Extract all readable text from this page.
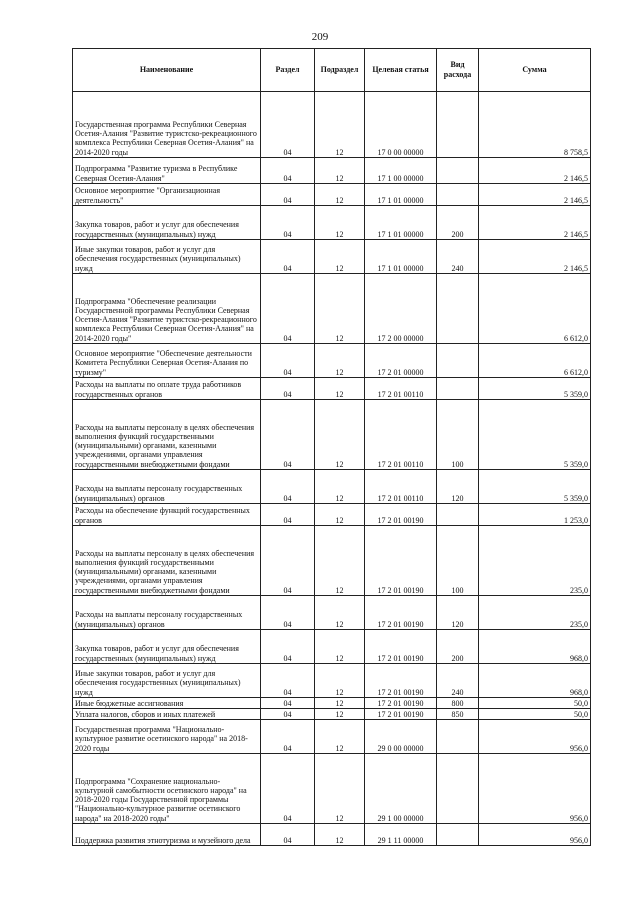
209
Наименование	Раздел	Подраздел	Целевая статья	Вид расхода	Сумма
Государственная программа Республики Северная Осетия-Алания "Развитие туристско-рекреационного комплекса Республики Северная Осетия-Алания" на 2014-2020 годы	04	12	17 0 00 00000		8 758,5
Подпрограмма "Развитие туризма в Республике Северная Осетия-Алания"	04	12	17 1 00 00000		2 146,5
Основное мероприятие "Организационная деятельность"	04	12	17 1 01 00000		2 146,5
Закупка товаров, работ и услуг для обеспечения государственных (муниципальных) нужд	04	12	17 1 01 00000	200	2 146,5
Иные закупки товаров, работ и услуг для обеспечения государственных (муниципальных) нужд	04	12	17 1 01 00000	240	2 146,5
Подпрограмма "Обеспечение реализации Государственной программы Республики Северная Осетия-Алания "Развитие туристско-рекреационного комплекса Республики Северная Осетия-Алания" на 2014-2020 годы"	04	12	17 2 00 00000		6 612,0
Основное мероприятие "Обеспечение деятельности Комитета Республики Северная Осетия-Алания по туризму"	04	12	17 2 01 00000		6 612,0
Расходы на выплаты по оплате труда работников государственных органов	04	12	17 2 01 00110		5 359,0
Расходы на выплаты персоналу в целях обеспечения выполнения функций государственными (муниципальными) органами, казенными учреждениями, органами управления государственными внебюджетными фондами	04	12	17 2 01 00110	100	5 359,0
Расходы на выплаты персоналу государственных (муниципальных) органов	04	12	17 2 01 00110	120	5 359,0
Расходы на обеспечение функций государственных органов	04	12	17 2 01 00190		1 253,0
Расходы на выплаты персоналу в целях обеспечения выполнения функций государственными (муниципальными) органами, казенными учреждениями, органами управления государственными внебюджетными фондами	04	12	17 2 01 00190	100	235,0
Расходы на выплаты персоналу государственных (муниципальных) органов	04	12	17 2 01 00190	120	235,0
Закупка товаров, работ и услуг для обеспечения государственных (муниципальных) нужд	04	12	17 2 01 00190	200	968,0
Иные закупки товаров, работ и услуг для обеспечения государственных (муниципальных) нужд	04	12	17 2 01 00190	240	968,0
Иные бюджетные ассигнования	04	12	17 2 01 00190	800	50,0
Уплата налогов, сборов и иных платежей	04	12	17 2 01 00190	850	50,0
Государственная программа "Национально-культурное развитие осетинского народа" на 2018-2020 годы	04	12	29 0 00 00000		956,0
Подпрограмма "Сохранение национально-культурной самобытности осетинского народа" на 2018-2020 годы Государственной программы "Национально-культурное развитие осетинского народа" на 2018-2020 годы"	04	12	29 1 00 00000		956,0
Поддержка развития этнотуризма и музейного дела	04	12	29 1 11 00000		956,0
